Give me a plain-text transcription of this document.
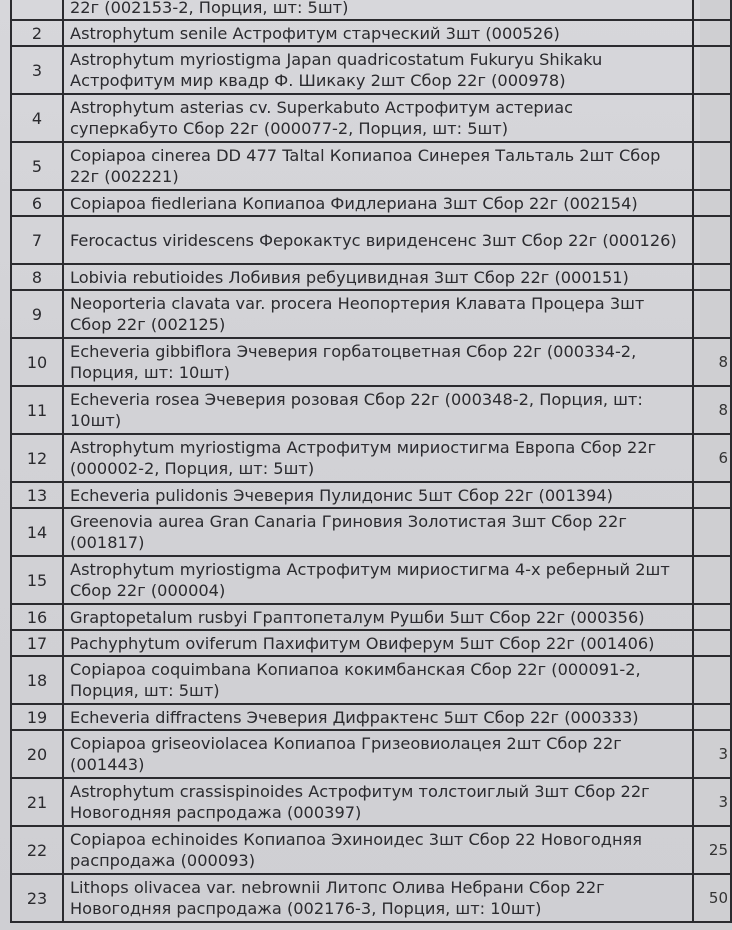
	22г (002153-2, Порция, шт: 5шт)	
2	Astrophytum senile Астрофитум старческий 3шт (000526)	
3	Astrophytum myriostigma Japan quadricostatum Fukuryu Shikaku Астрофитум мир квадр Ф. Шикаку 2шт Сбор 22г (000978)	
4	Astrophytum asterias cv. Superkabuto Астрофитум астериас суперкабуто Сбор 22г (000077-2, Порция, шт: 5шт)	
5	Copiapoa cinerea DD 477 Taltal Копиапоа Синерея Тальталь 2шт Сбор 22г (002221)	
6	Copiapoa fiedleriana Копиапоа Фидлериана 3шт Сбор 22г (002154)	
7	Ferocactus viridescens Ферокактус вириденсенс 3шт Сбор 22г (000126)	
8	Lobivia rebutioides Лобивия ребуцивидная 3шт Сбор 22г (000151)	
9	Neoporteria clavata var. procera Неопортерия Клавата Процера 3шт Сбор 22г (002125)	
10	Echeveria gibbiflora Эчеверия горбатоцветная Сбор 22г (000334-2, Порция, шт: 10шт)	8
11	Echeveria rosea Эчеверия розовая Сбор 22г (000348-2, Порция, шт: 10шт)	8
12	Astrophytum myriostigma Астрофитум мириостигма Европа Сбор 22г (000002-2, Порция, шт: 5шт)	6
13	Echeveria pulidonis Эчеверия Пулидонис 5шт Сбор 22г (001394)	
14	Greenovia aurea Gran Canaria Гриновия Золотистая 3шт Сбор 22г (001817)	
15	Astrophytum myriostigma Астрофитум мириостигма 4-х реберный 2шт Сбор 22г (000004)	
16	Graptopetalum rusbyi Граптопеталум Рушби 5шт Сбор 22г (000356)	
17	Pachyphytum oviferum Пахифитум Овиферум 5шт Сбор 22г (001406)	
18	Copiapoa coquimbana Копиапоа кокимбанская Сбор 22г (000091-2, Порция, шт: 5шт)	
19	Echeveria diffractens Эчеверия Дифрактенс 5шт Сбор 22г (000333)	
20	Copiapoa griseoviolacea Копиапоа Гризеовиолацея 2шт Сбор 22г (001443)	3
21	Astrophytum crassispinoides Астрофитум толстоиглый 3шт Сбор 22г Новогодняя распродажа (000397)	3
22	Copiapoa echinoides Копиапоа Эхиноидес 3шт Сбор 22 Новогодняя распродажа (000093)	25
23	Lithops olivacea var. nebrownii Литопс Олива Небрани Сбор 22г Новогодняя распродажа (002176-3, Порция, шт: 10шт)	50
